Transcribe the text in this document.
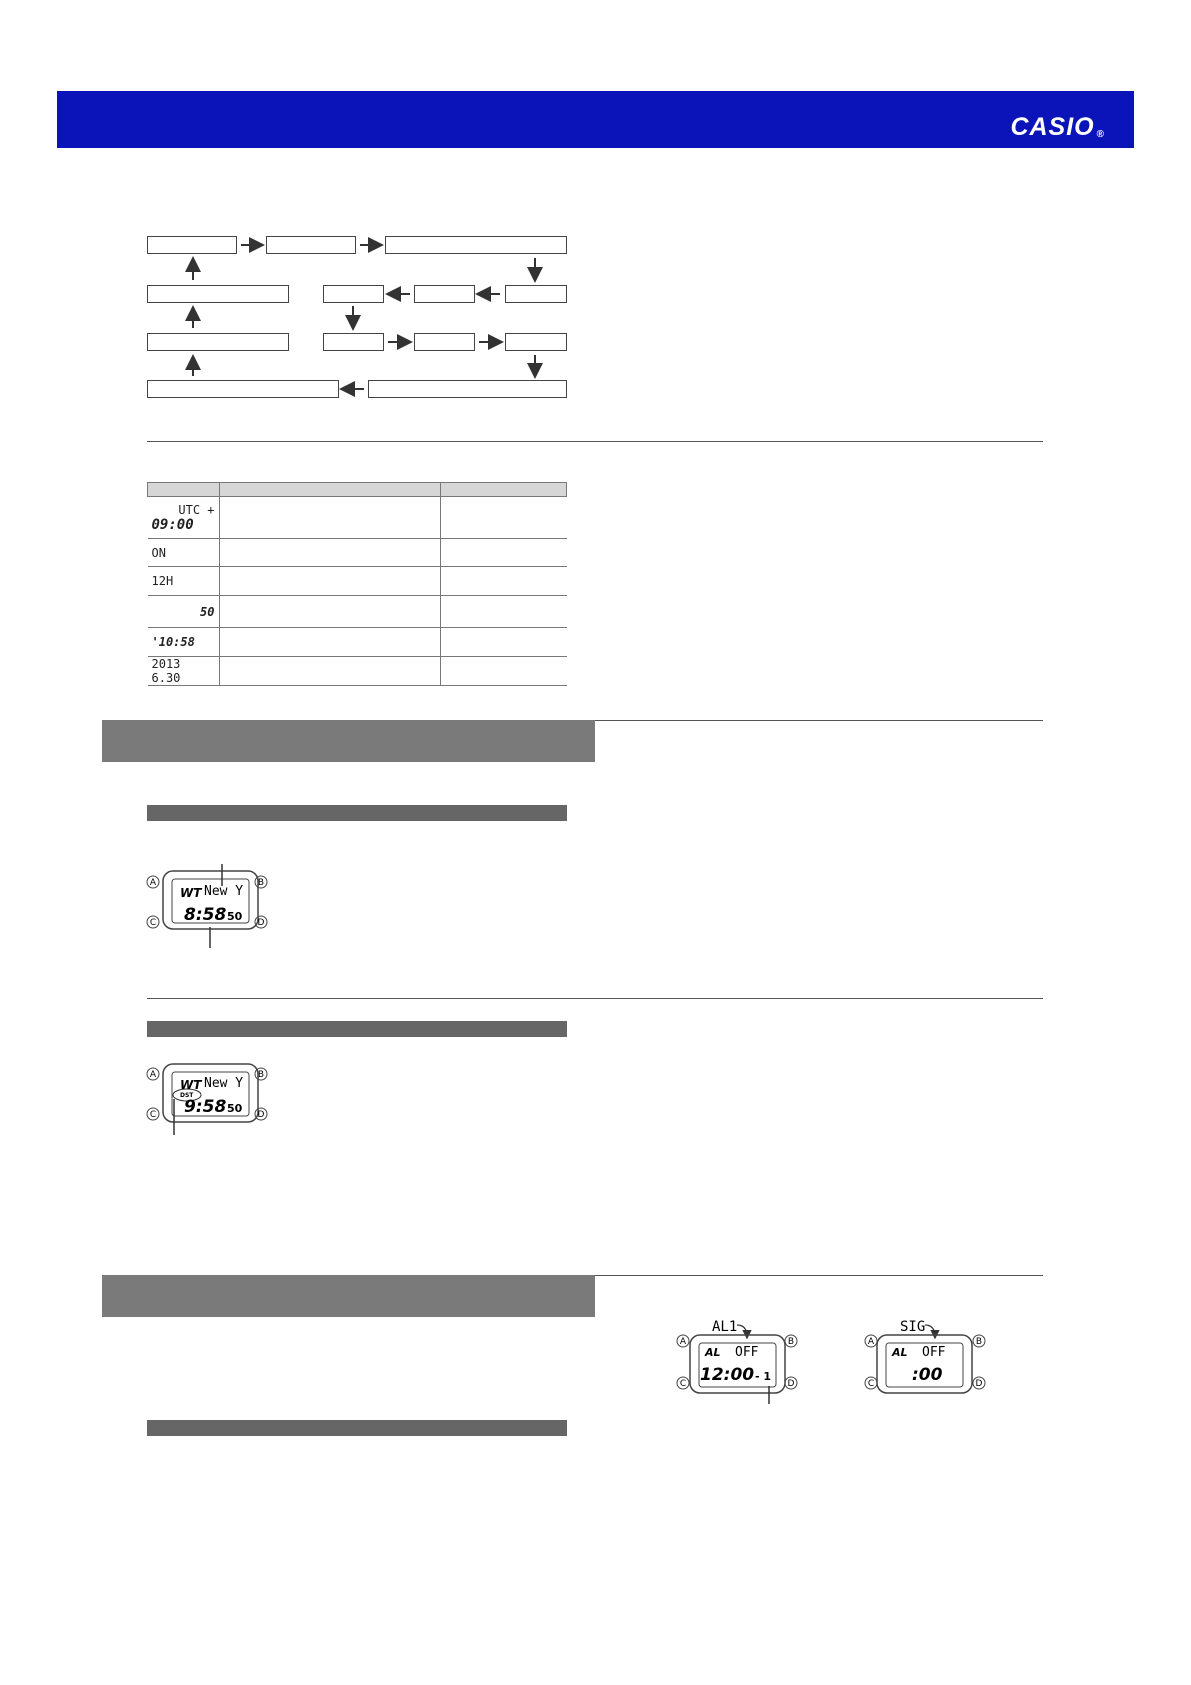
CASIO ®

UTC +
09:00		

ON		
12H		
50		
'10:58		
2013 6.30		
WT New Y
8:58 50
A	B
C	D
DST
WT New Y
9:58 50
A	B
C	D
AL1
AL OFF
12:00 - 1
A	B
C	D
SIG
AL OFF
:00
A	B
C	D
